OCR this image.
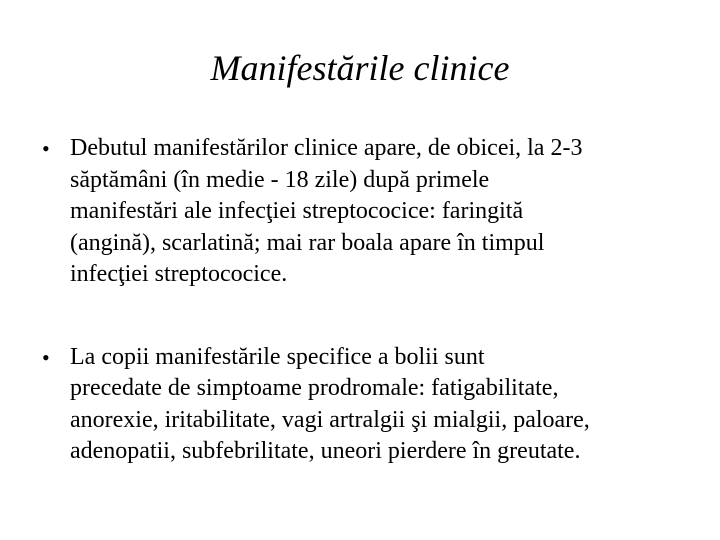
Manifestările clinice
• Debutul manifestărilor clinice apare, de obicei, la 2-3
săptămâni (în medie - 18 zile) după primele
manifestări ale infecţiei streptococice: faringită
(angină), scarlatină; mai rar boala apare în timpul
infecţiei streptococice.
• La copii manifestările specifice a bolii sunt
precedate de simptoame prodromale: fatigabilitate,
anorexie, iritabilitate, vagi artralgii şi mialgii, paloare,
adenopatii, subfebrilitate, uneori pierdere în greutate.
